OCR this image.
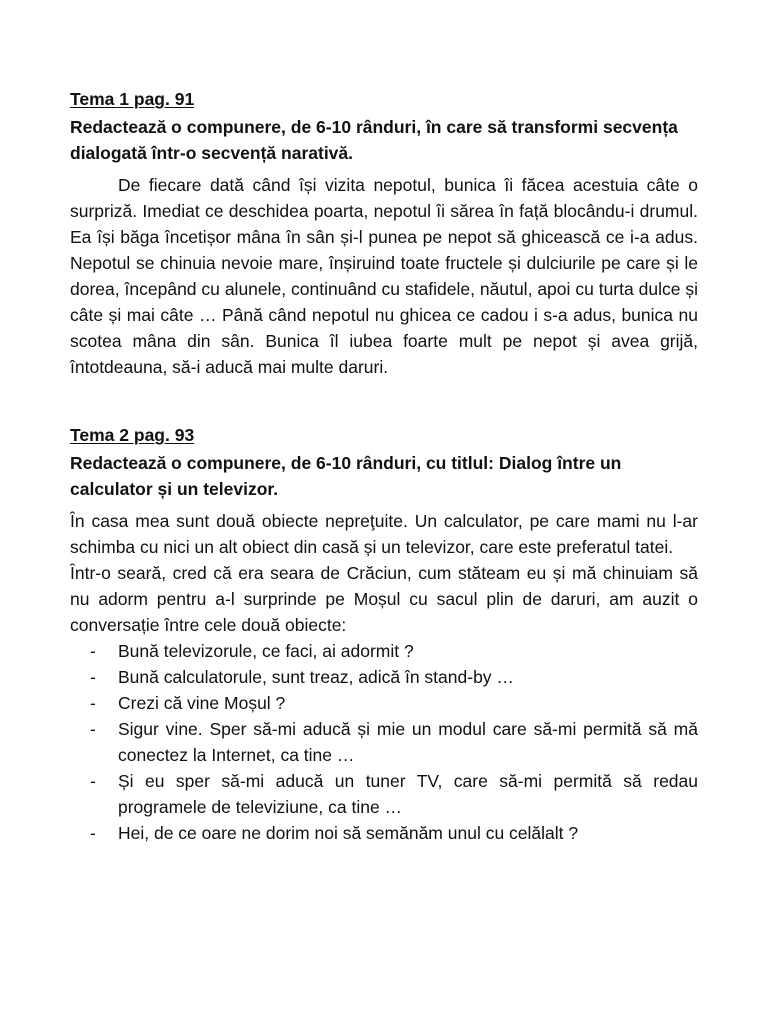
Tema 1 pag. 91
Redactează o compunere, de 6-10 rânduri, în care să transformi secvența dialogată într-o secvență narativă.

De fiecare dată când își vizita nepotul, bunica îi făcea acestuia câte o surpriză. Imediat ce deschidea poarta, nepotul îi sărea în față blocându-i drumul. Ea își băga încetișor mâna în sân și-l punea pe nepot să ghicească ce i-a adus. Nepotul se chinuia nevoie mare, înșiruind toate fructele și dulciurile pe care și le dorea, începând cu alunele, continuând cu stafidele, năutul, apoi cu turta dulce și câte și mai câte … Până când nepotul nu ghicea ce cadou i s-a adus, bunica nu scotea mâna din sân. Bunica îl iubea foarte mult pe nepot și avea grijă, întotdeauna, să-i aducă mai multe daruri.

Tema 2 pag. 93
Redactează o compunere, de 6-10 rânduri, cu titlul: Dialog între un calculator și un televizor.

În casa mea sunt două obiecte nepreţuite. Un calculator, pe care mami nu l-ar schimba cu nici un alt obiect din casă și un televizor, care este preferatul tatei.

Într-o seară, cred că era seara de Crăciun, cum stăteam eu și mă chinuiam să nu adorm pentru a-l surprinde pe Moșul cu sacul plin de daruri, am auzit o conversație între cele două obiecte:

- Bună televizorule, ce faci, ai adormit ?
- Bună calculatorule, sunt treaz, adică în stand-by …
- Crezi că vine Moșul ?
- Sigur vine. Sper să-mi aducă și mie un modul care să-mi permită să mă conectez la Internet, ca tine …
- Și eu sper să-mi aducă un tuner TV, care să-mi permită să redau programele de televiziune, ca tine …
- Hei, de ce oare ne dorim noi să semănăm unul cu celălalt ?
